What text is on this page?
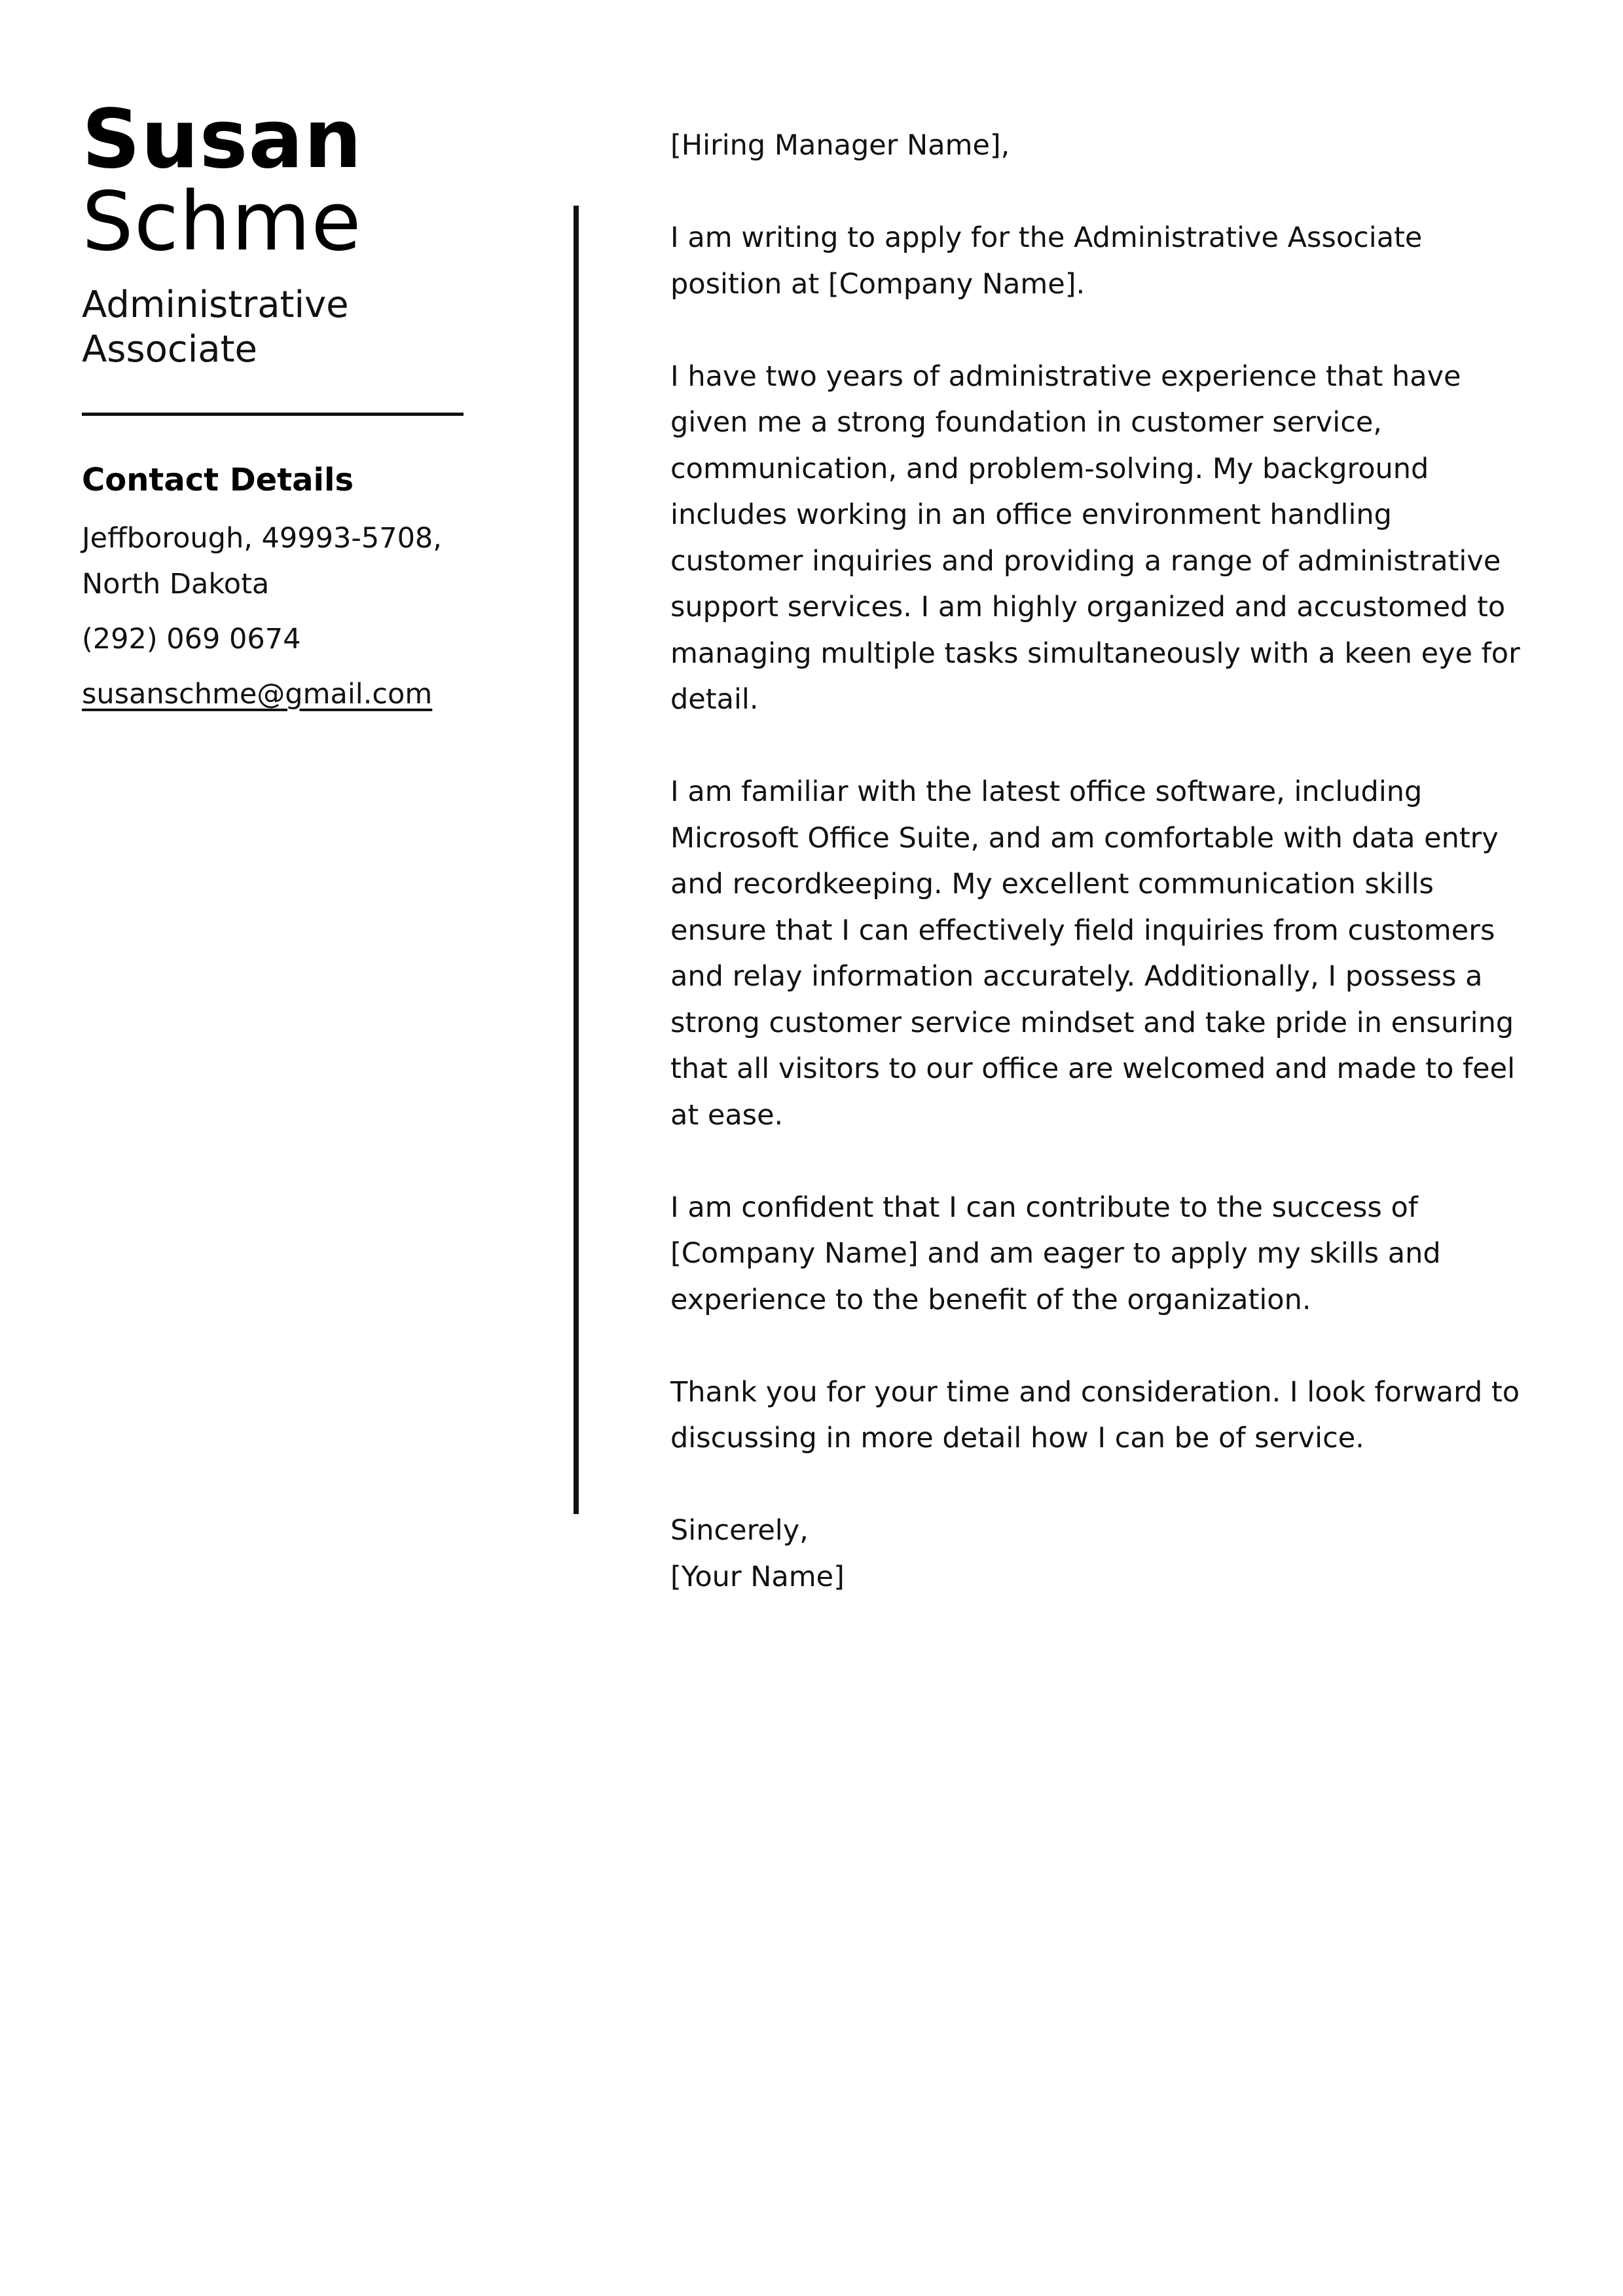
Susan
Schme
Administrative Associate
Contact Details
Jeffborough, 49993-5708, North Dakota
(292) 069 0674
susanschme@gmail.com

[Hiring Manager Name],

I am writing to apply for the Administrative Associate position at [Company Name].

I have two years of administrative experience that have given me a strong foundation in customer service, communication, and problem-solving. My background includes working in an office environment handling customer inquiries and providing a range of administrative support services. I am highly organized and accustomed to managing multiple tasks simultaneously with a keen eye for detail.

I am familiar with the latest office software, including Microsoft Office Suite, and am comfortable with data entry and recordkeeping. My excellent communication skills ensure that I can effectively field inquiries from customers and relay information accurately. Additionally, I possess a strong customer service mindset and take pride in ensuring that all visitors to our office are welcomed and made to feel at ease.

I am confident that I can contribute to the success of [Company Name] and am eager to apply my skills and experience to the benefit of the organization.

Thank you for your time and consideration. I look forward to discussing in more detail how I can be of service.

Sincerely,

[Your Name]
